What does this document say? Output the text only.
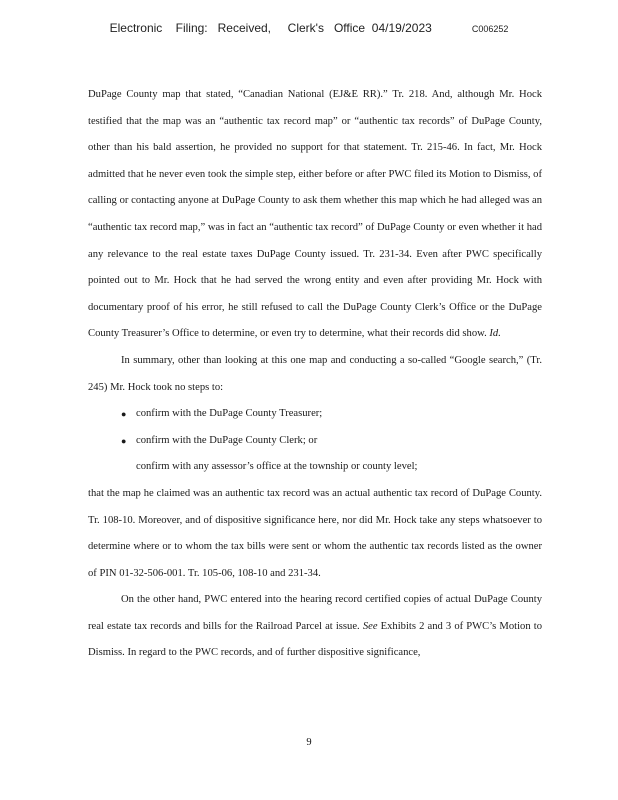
Electronic    Filing:   Received,     Clerk's   Office  04/19/2023	C006252

DuPage County map that stated, “Canadian National (EJ&E RR).” Tr. 218. And, although Mr. Hock testified that the map was an “authentic tax record map” or “authentic tax records” of DuPage County, other than his bald assertion, he provided no support for that statement. Tr. 215-46. In fact, Mr. Hock admitted that he never even took the simple step, either before or after PWC filed its Motion to Dismiss, of calling or contacting anyone at DuPage County to ask them whether this map which he had alleged was an “authentic tax record map,” was in fact an “authentic tax record” of DuPage County or even whether it had any relevance to the real estate taxes DuPage County issued. Tr. 231-34. Even after PWC specifically pointed out to Mr. Hock that he had served the wrong entity and even after providing Mr. Hock with documentary proof of his error, he still refused to call the DuPage County Clerk’s Office or the DuPage County Treasurer’s Office to determine, or even try to determine, what their records did show. Id.

In summary, other than looking at this one map and conducting a so-called “Google search,” (Tr. 245) Mr. Hock took no steps to:

● confirm with the DuPage County Treasurer;
● confirm with the DuPage County Clerk; or
confirm with any assessor’s office at the township or county level;

that the map he claimed was an authentic tax record was an actual authentic tax record of DuPage County. Tr. 108-10. Moreover, and of dispositive significance here, nor did Mr. Hock take any steps whatsoever to determine where or to whom the tax bills were sent or whom the authentic tax records listed as the owner of PIN 01-32-506-001. Tr. 105-06, 108-10 and 231-34.

On the other hand, PWC entered into the hearing record certified copies of actual DuPage County real estate tax records and bills for the Railroad Parcel at issue. See Exhibits 2 and 3 of PWC’s Motion to Dismiss. In regard to the PWC records, and of further dispositive significance,

9
